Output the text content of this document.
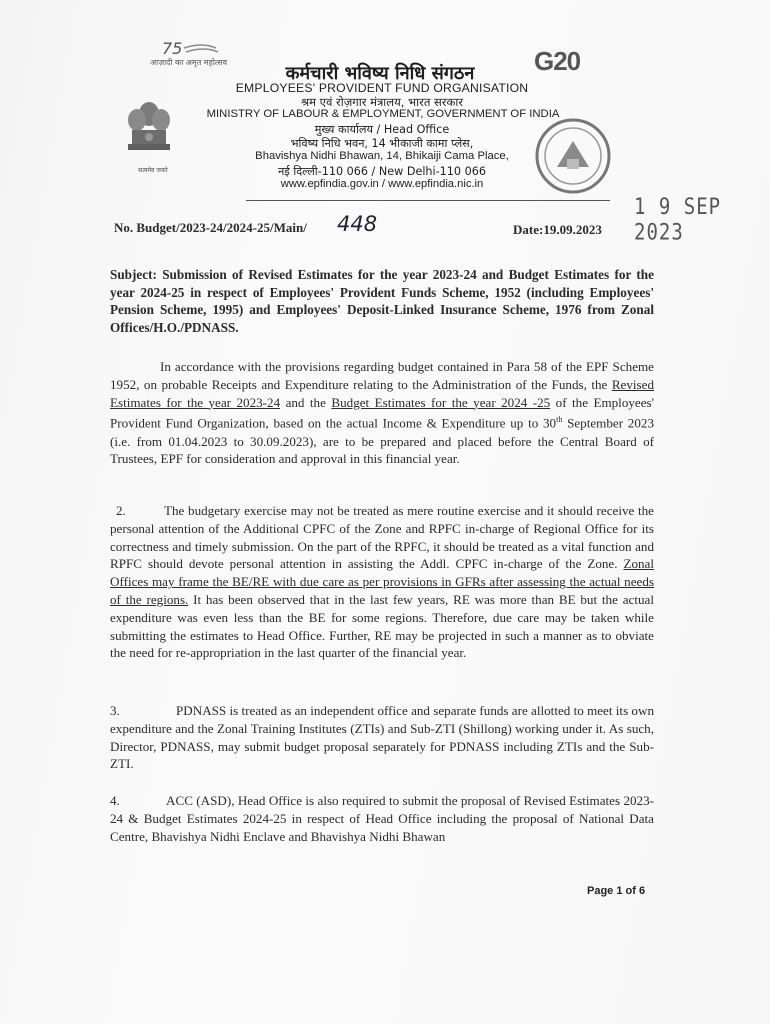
75
आज़ादी का अमृत महोत्सव
सत्यमेव जयते
कर्मचारी भविष्य निधि संगठन
EMPLOYEES' PROVIDENT FUND ORGANISATION
श्रम एवं रोज़गार मंत्रालय, भारत सरकार
MINISTRY OF LABOUR & EMPLOYMENT, GOVERNMENT OF INDIA
मुख्य कार्यालय / Head Office
भविष्य निधि भवन, 14 भीकाजी कामा प्लेस,
Bhavishya Nidhi Bhawan, 14, Bhikaiji Cama Place,
नई दिल्ली-110 066 / New Delhi-110 066
www.epfindia.gov.in / www.epfindia.nic.in
G20
1 9 SEP 2023
No. Budget/2023-24/2024-25/Main/ 448	Date:19.09.2023
Subject: Submission of Revised Estimates for the year 2023-24 and Budget Estimates for the year 2024-25 in respect of Employees' Provident Funds Scheme, 1952 (including Employees' Pension Scheme, 1995) and Employees' Deposit-Linked Insurance Scheme, 1976 from Zonal Offices/H.O./PDNASS.
In accordance with the provisions regarding budget contained in Para 58 of the EPF Scheme 1952, on probable Receipts and Expenditure relating to the Administration of the Funds, the Revised Estimates for the year 2023-24 and the Budget Estimates for the year 2024 -25 of the Employees' Provident Fund Organization, based on the actual Income & Expenditure up to 30th September 2023 (i.e. from 01.04.2023 to 30.09.2023), are to be prepared and placed before the Central Board of Trustees, EPF for consideration and approval in this financial year.
2.	The budgetary exercise may not be treated as mere routine exercise and it should receive the personal attention of the Additional CPFC of the Zone and RPFC in-charge of Regional Office for its correctness and timely submission. On the part of the RPFC, it should be treated as a vital function and RPFC should devote personal attention in assisting the Addl. CPFC in-charge of the Zone. Zonal Offices may frame the BE/RE with due care as per provisions in GFRs after assessing the actual needs of the regions. It has been observed that in the last few years, RE was more than BE but the actual expenditure was even less than the BE for some regions. Therefore, due care may be taken while submitting the estimates to Head Office. Further, RE may be projected in such a manner as to obviate the need for re-appropriation in the last quarter of the financial year.
3.	PDNASS is treated as an independent office and separate funds are allotted to meet its own expenditure and the Zonal Training Institutes (ZTIs) and Sub-ZTI (Shillong) working under it. As such, Director, PDNASS, may submit budget proposal separately for PDNASS including ZTIs and the Sub-ZTI.
4.	ACC (ASD), Head Office is also required to submit the proposal of Revised Estimates 2023-24 & Budget Estimates 2024-25 in respect of Head Office including the proposal of National Data Centre, Bhavishya Nidhi Enclave and Bhavishya Nidhi Bhawan
Page 1 of 6
